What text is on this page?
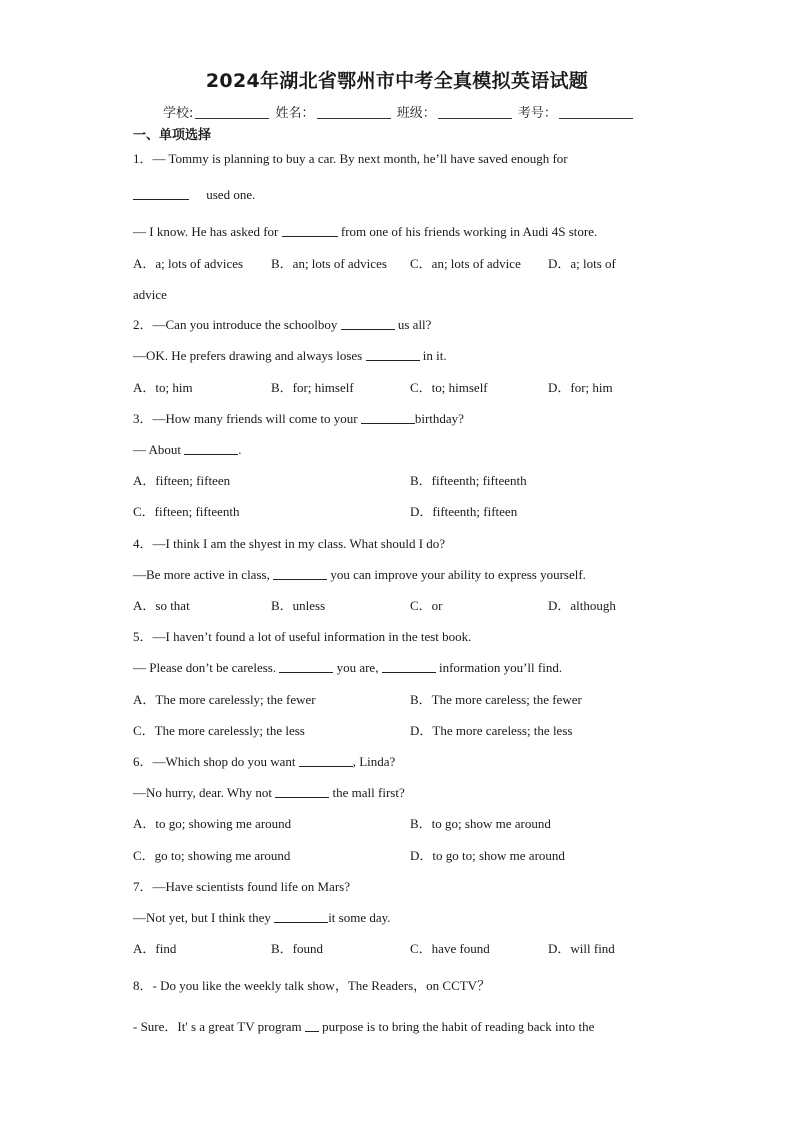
2024年湖北省鄂州市中考全真模拟英语试题
学校:	姓名：	班级：	考号：
一、单项选择
1．— Tommy is planning to buy a car. By next month, he’ll have saved enough for
used one.
— I know. He has asked for	from one of his friends working in Audi 4S store.
A．a; lots of advices B．an; lots of advices C．an; lots of advice D．a; lots of
advice
2．—Can you introduce the schoolboy	us all?
—OK. He prefers drawing and always loses	in it.
A．to; him	B．for; himself	C．to; himself	D．for; him
3．—How many friends will come to your	birthday?
— About	.
A．fifteen; fifteen	B．fifteenth; fifteenth
C．fifteen; fifteenth	D．fifteenth; fifteen
4．—I think I am the shyest in my class. What should I do?
—Be more active in class,	you can improve your ability to express yourself.
A．so that	B．unless	C．or	D．although
5．—I haven’t found a lot of useful information in the test book.
— Please don’t be careless.	you are,	information you’ll find.
A．The more carelessly; the fewer	B．The more careless; the fewer
C．The more carelessly; the less	D．The more careless; the less
6．—Which shop do you want	, Linda?
—No hurry, dear. Why not	the mall first?
A．to go; showing me around	B．to go; show me around
C．go to; showing me around	D．to go to; show me around
7．—Have scientists found life on Mars?
—Not yet, but I think they	it some day.
A．find	B．found	C．have found	D．will find
8．- Do you like the weekly talk show，The Readers，on CCTV？
- Sure．It' s a great TV program purpose is to bring the habit of reading back into the
